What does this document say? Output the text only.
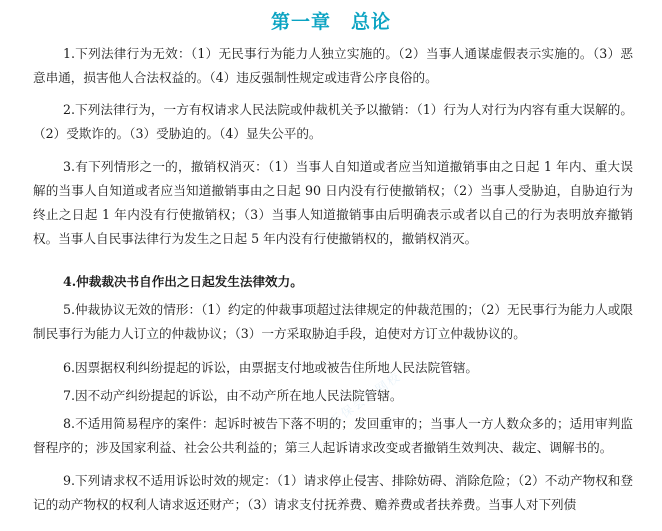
第一章　总论
1.下列法律行为无效：（1）无民事行为能力人独立实施的。（2）当事人通谋虚假表示实施的。（3）恶意串通，损害他人合法权益的。（4）违反强制性规定或违背公序良俗的。
2.下列法律行为，一方有权请求人民法院或仲裁机关予以撤销：（1）行为人对行为内容有重大误解的。（2）受欺诈的。（3）受胁迫的。（4）显失公平的。
3.有下列情形之一的，撤销权消灭：（1）当事人自知道或者应当知道撤销事由之日起 1 年内、重大误解的当事人自知道或者应当知道撤销事由之日起 90 日内没有行使撤销权；（2）当事人受胁迫，自胁迫行为终止之日起 1 年内没有行使撤销权；（3）当事人知道撤销事由后明确表示或者以自己的行为表明放弃撤销权。当事人自民事法律行为发生之日起 5 年内没有行使撤销权的，撤销权消灭。
4.仲裁裁决书自作出之日起发生法律效力。
5.仲裁协议无效的情形：（1）约定的仲裁事项超过法律规定的仲裁范围的；（2）无民事行为能力人或限制民事行为能力人订立的仲裁协议；（3）一方采取胁迫手段，迫使对方订立仲裁协议的。
6.因票据权利纠纷提起的诉讼，由票据支付地或被告住所地人民法院管辖。
7.因不动产纠纷提起的诉讼，由不动产所在地人民法院管辖。
8.不适用简易程序的案件：起诉时被告下落不明的；发回重审的；当事人一方人数众多的；适用审判监督程序的；涉及国家利益、社会公共利益的；第三人起诉请求改变或者撤销生效判决、裁定、调解书的。
9.下列请求权不适用诉讼时效的规定：（1）请求停止侵害、排除妨碍、消除危险；（2）不动产物权和登记的动产物权的权利人请求返还财产；（3）请求支付抚养费、赡养费或者扶养费。当事人对下列债
正保会计网校
